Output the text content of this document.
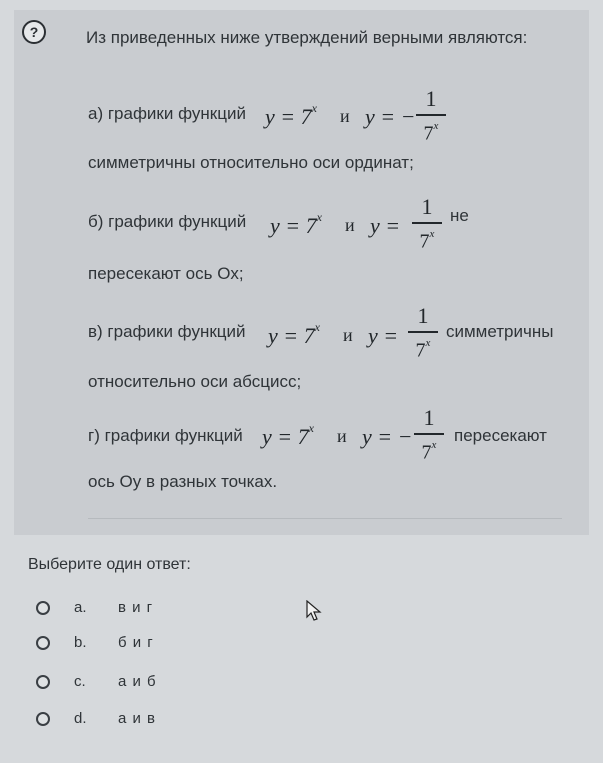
?	Из приведенных ниже утверждений верными являются:
а) графики функций $y = 7^x$ и y = −
1
7$^x$
симметричны относительно оси ординат;
б) графики функций $y = 7^x$ и y =
1
7$^x$
не
пересекают ось Ox;
в) графики функций $y = 7^x$ и y =
1
7$^x$
симметричны
относительно оси абсцисс;
г) графики функций $y = 7^x$ и y = −
1
7$^x$	пересекают
ось Oy в разных точках.
Выберите один ответ:
a. в и г
b. б и г
c. а и б
d. а и в
